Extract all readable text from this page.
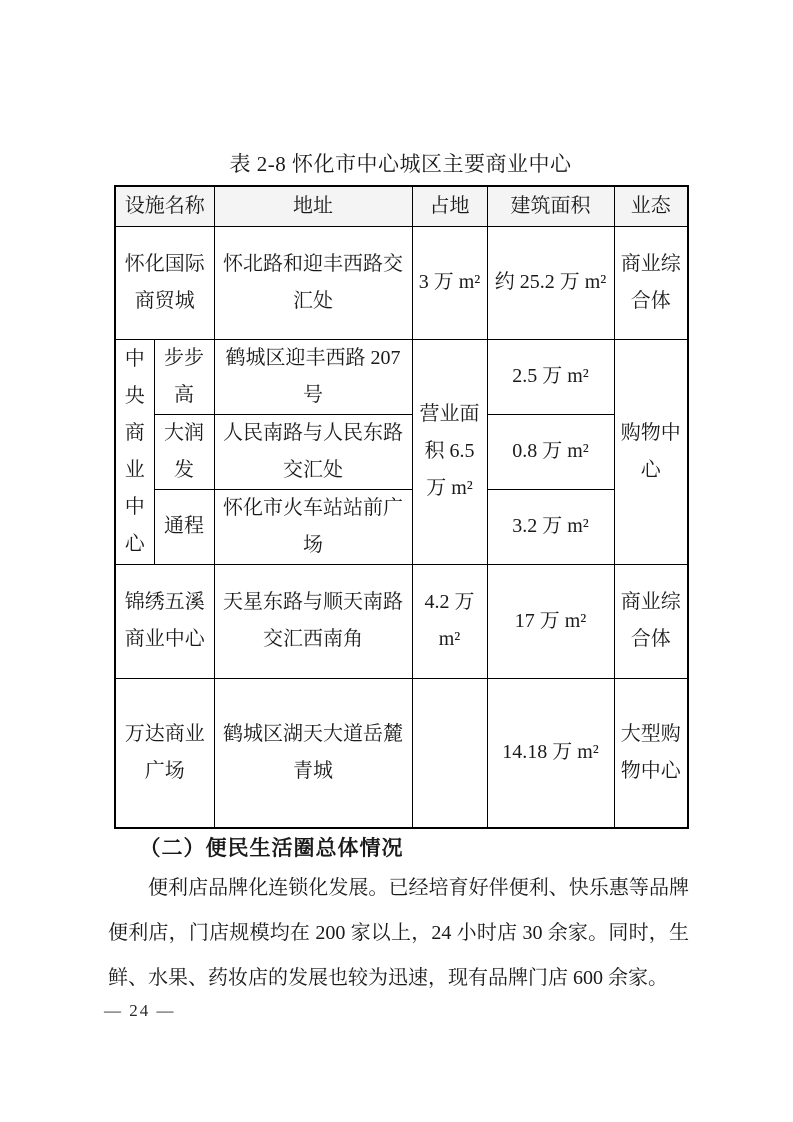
表 2-8 怀化市中心城区主要商业中心
设施名称		地址	占地	建筑面积	业态
怀化国际商贸城		怀北路和迎丰西路交汇处	3 万 m²	约 25.2 万 m²	商业综合体
中央商业中心	步步高	鹤城区迎丰西路 207 号	营业面积 6.5 万 m²	2.5 万 m²	购物中心
	大润发	人民南路与人民东路交汇处		0.8 万 m²	
	通程	怀化市火车站站前广场		3.2 万 m²	
锦绣五溪商业中心		天星东路与顺天南路交汇西南角	4.2 万 m²	17 万 m²	商业综合体
万达商业广场		鹤城区湖天大道岳麓青城		14.18 万 m²	大型购物中心
（二）便民生活圈总体情况
便利店品牌化连锁化发展。已经培育好伴便利、快乐惠等品牌便利店，门店规模均在 200 家以上，24 小时店 30 余家。同时，生鲜、水果、药妆店的发展也较为迅速，现有品牌门店 600 余家。
— 24 —
